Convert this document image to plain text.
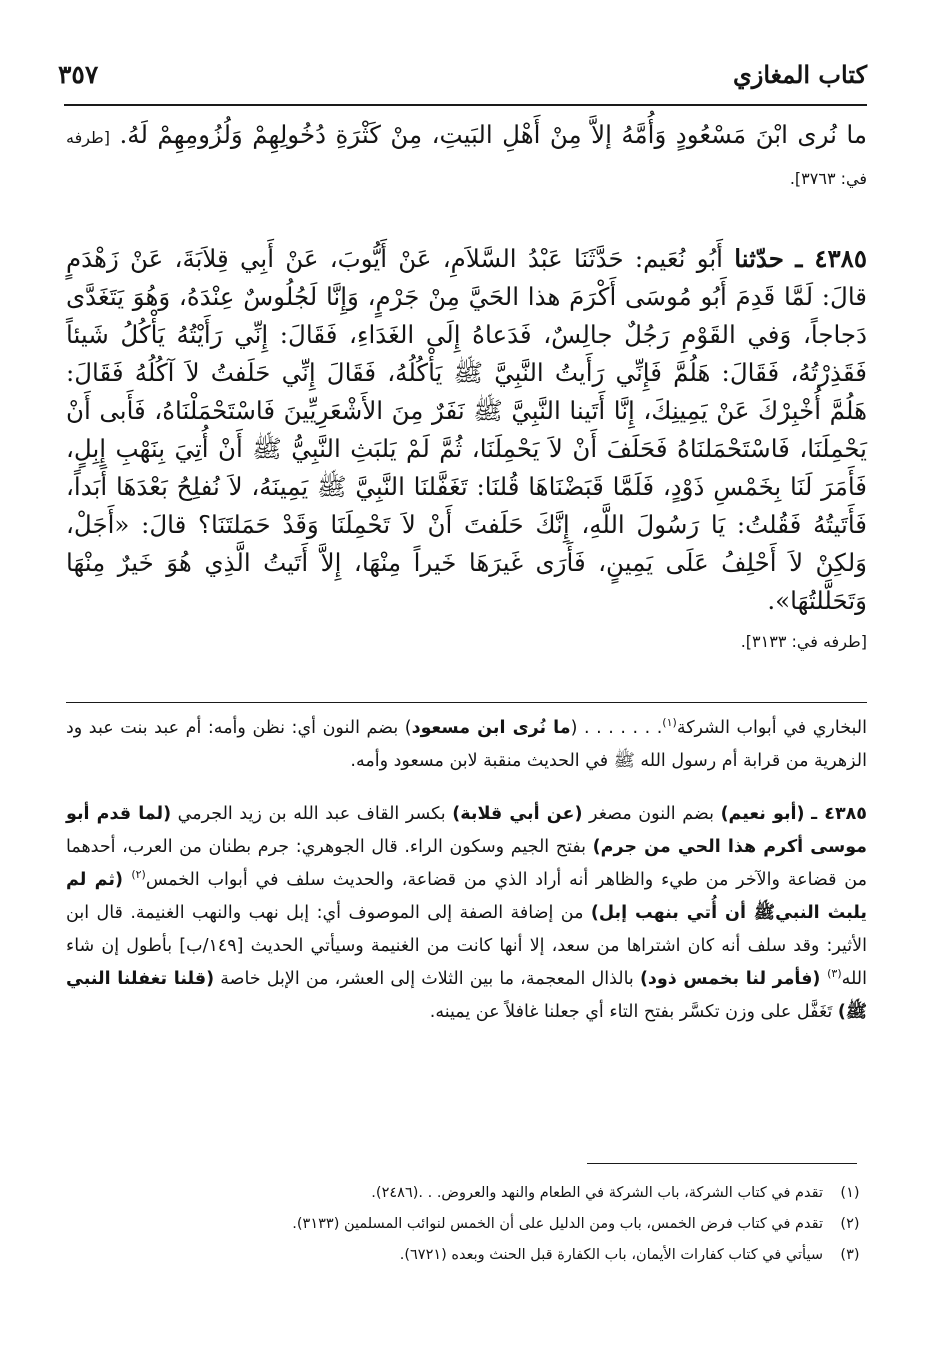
كتاب المغازي
٣٥٧

ما نُرى ابْنَ مَسْعُودٍ وَأُمَّهُ إلاَّ مِنْ أَهْلِ البَيتِ، مِنْ كَثْرَةِ دُخُولِهِمْ وَلُزُومِهِمْ لَهُ. [طرفه في: ٣٧٦٣].

٤٣٨٥ ـ حدّثنا أَبُو نُعَيم: حَدَّثَنَا عَبْدُ السَّلاَمِ، عَنْ أَيُّوبَ، عَنْ أَبِي قِلاَبَةَ، عَنْ زَهْدَمٍ قالَ: لَمَّا قَدِمَ أَبُو مُوسَى أَكْرَمَ هذا الحَيَّ مِنْ جَرْمٍ، وَإِنَّا لَجُلُوسٌ عِنْدَهُ، وَهُوَ يَتَغَدَّى دَجاجاً، وَفي القَوْمِ رَجُلٌ جالِسٌ، فَدَعاهُ إِلَى الغَدَاءِ، فَقَالَ: إِنِّي رَأَيْتُهُ يَأْكُلُ شَيئاً فَقَذِرْتُهُ، فَقَالَ: هَلُمَّ فَإِنِّي رَأَيتُ النَّبِيَّ ﷺ يَأْكُلُهُ، فَقَالَ إِنِّي حَلَفتُ لاَ آكُلُهُ فَقَالَ: هَلُمَّ أُخْبِرْكَ عَنْ يَمِينِكَ، إِنَّا أَتَينا النَّبِيَّ ﷺ نَفَرٌ مِنَ الأَشْعَرِيِّينَ فَاسْتَحْمَلْنَاهُ، فَأَبى أَنْ يَحْمِلَنَا، فَاسْتَحْمَلنَاهُ فَحَلَفَ أَنْ لاَ يَحْمِلَنَا، ثُمَّ لَمْ يَلبَثِ النَّبِيُّ ﷺ أَنْ أُتِيَ بِنَهْبِ إِبِلٍ، فَأَمَرَ لَنَا بِخَمْسِ ذَوْدٍ، فَلَمَّا قَبَضْنَاهَا قُلنَا: تَغَفَّلنَا النَّبِيَّ ﷺ يَمِينَهُ، لاَ نُفلِحُ بَعْدَهَا أَبَداً، فَأَتَيتُهُ فَقُلتُ: يَا رَسُولَ اللَّهِ، إِنَّكَ حَلَفتَ أَنْ لاَ تَحْمِلَنَا وَقَدْ حَمَلتَنَا؟ قالَ: «أَجَلْ، وَلكِنْ لاَ أَحْلِفُ عَلَى يَمِينٍ، فَأَرَى غَيرَهَا خَيراً مِنْهَا، إِلاَّ أَتَيتُ الَّذِي هُوَ خَيرٌ مِنْهَا وَتَحَلَّلتُهَا».
[طرفه في: ٣١٣٣].

البخاري في أبواب الشركة$^{(١)}$. . . . . . . (ما نُرى ابن مسعود) بضم النون أي: نظن وأمه: أم عبد بنت عبد ود الزهرية من قرابة أم رسول الله ﷺ في الحديث منقبة لابن مسعود وأمه.

٤٣٨٥ ـ (أبو نعيم) بضم النون مصغر (عن أبي قلابة) بكسر القاف عبد الله بن زيد الجرمي (لما قدم أبو موسى أكرم هذا الحي من جرم) بفتح الجيم وسكون الراء. قال الجوهري: جرم بطنان من العرب، أحدهما من قضاعة والآخر من طيء والظاهر أنه أراد الذي من قضاعة، والحديث سلف في أبواب الخمس$^{(٢)}$ (ثم لم يلبث النبيﷺ أن أُتي بنهب إبل) من إضافة الصفة إلى الموصوف أي: إبل نهب والنهب الغنيمة. قال ابن الأثير: وقد سلف أنه كان اشتراها من سعد، إلا أنها كانت من الغنيمة وسيأتي الحديث [١٤٩/ب] بأطول إن شاء الله$^{(٣)}$ (فأمر لنا بخمس ذود) بالذال المعجمة، ما بين الثلاث إلى العشر، من الإبل خاصة (قلنا تغفلنا النبي ﷺ) تَغَفَّل على وزن تكسَّر بفتح التاء أي جعلنا غافلاً عن يمينه.

(١)
تقدم في كتاب الشركة، باب الشركة في الطعام والنهد والعروض. . .(٢٤٨٦).
(٢)
تقدم في كتاب فرض الخمس، باب ومن الدليل على أن الخمس لنوائب المسلمين (٣١٣٣).
(٣)
سيأتي في كتاب كفارات الأيمان، باب الكفارة قبل الحنث وبعده (٦٧٢١).
